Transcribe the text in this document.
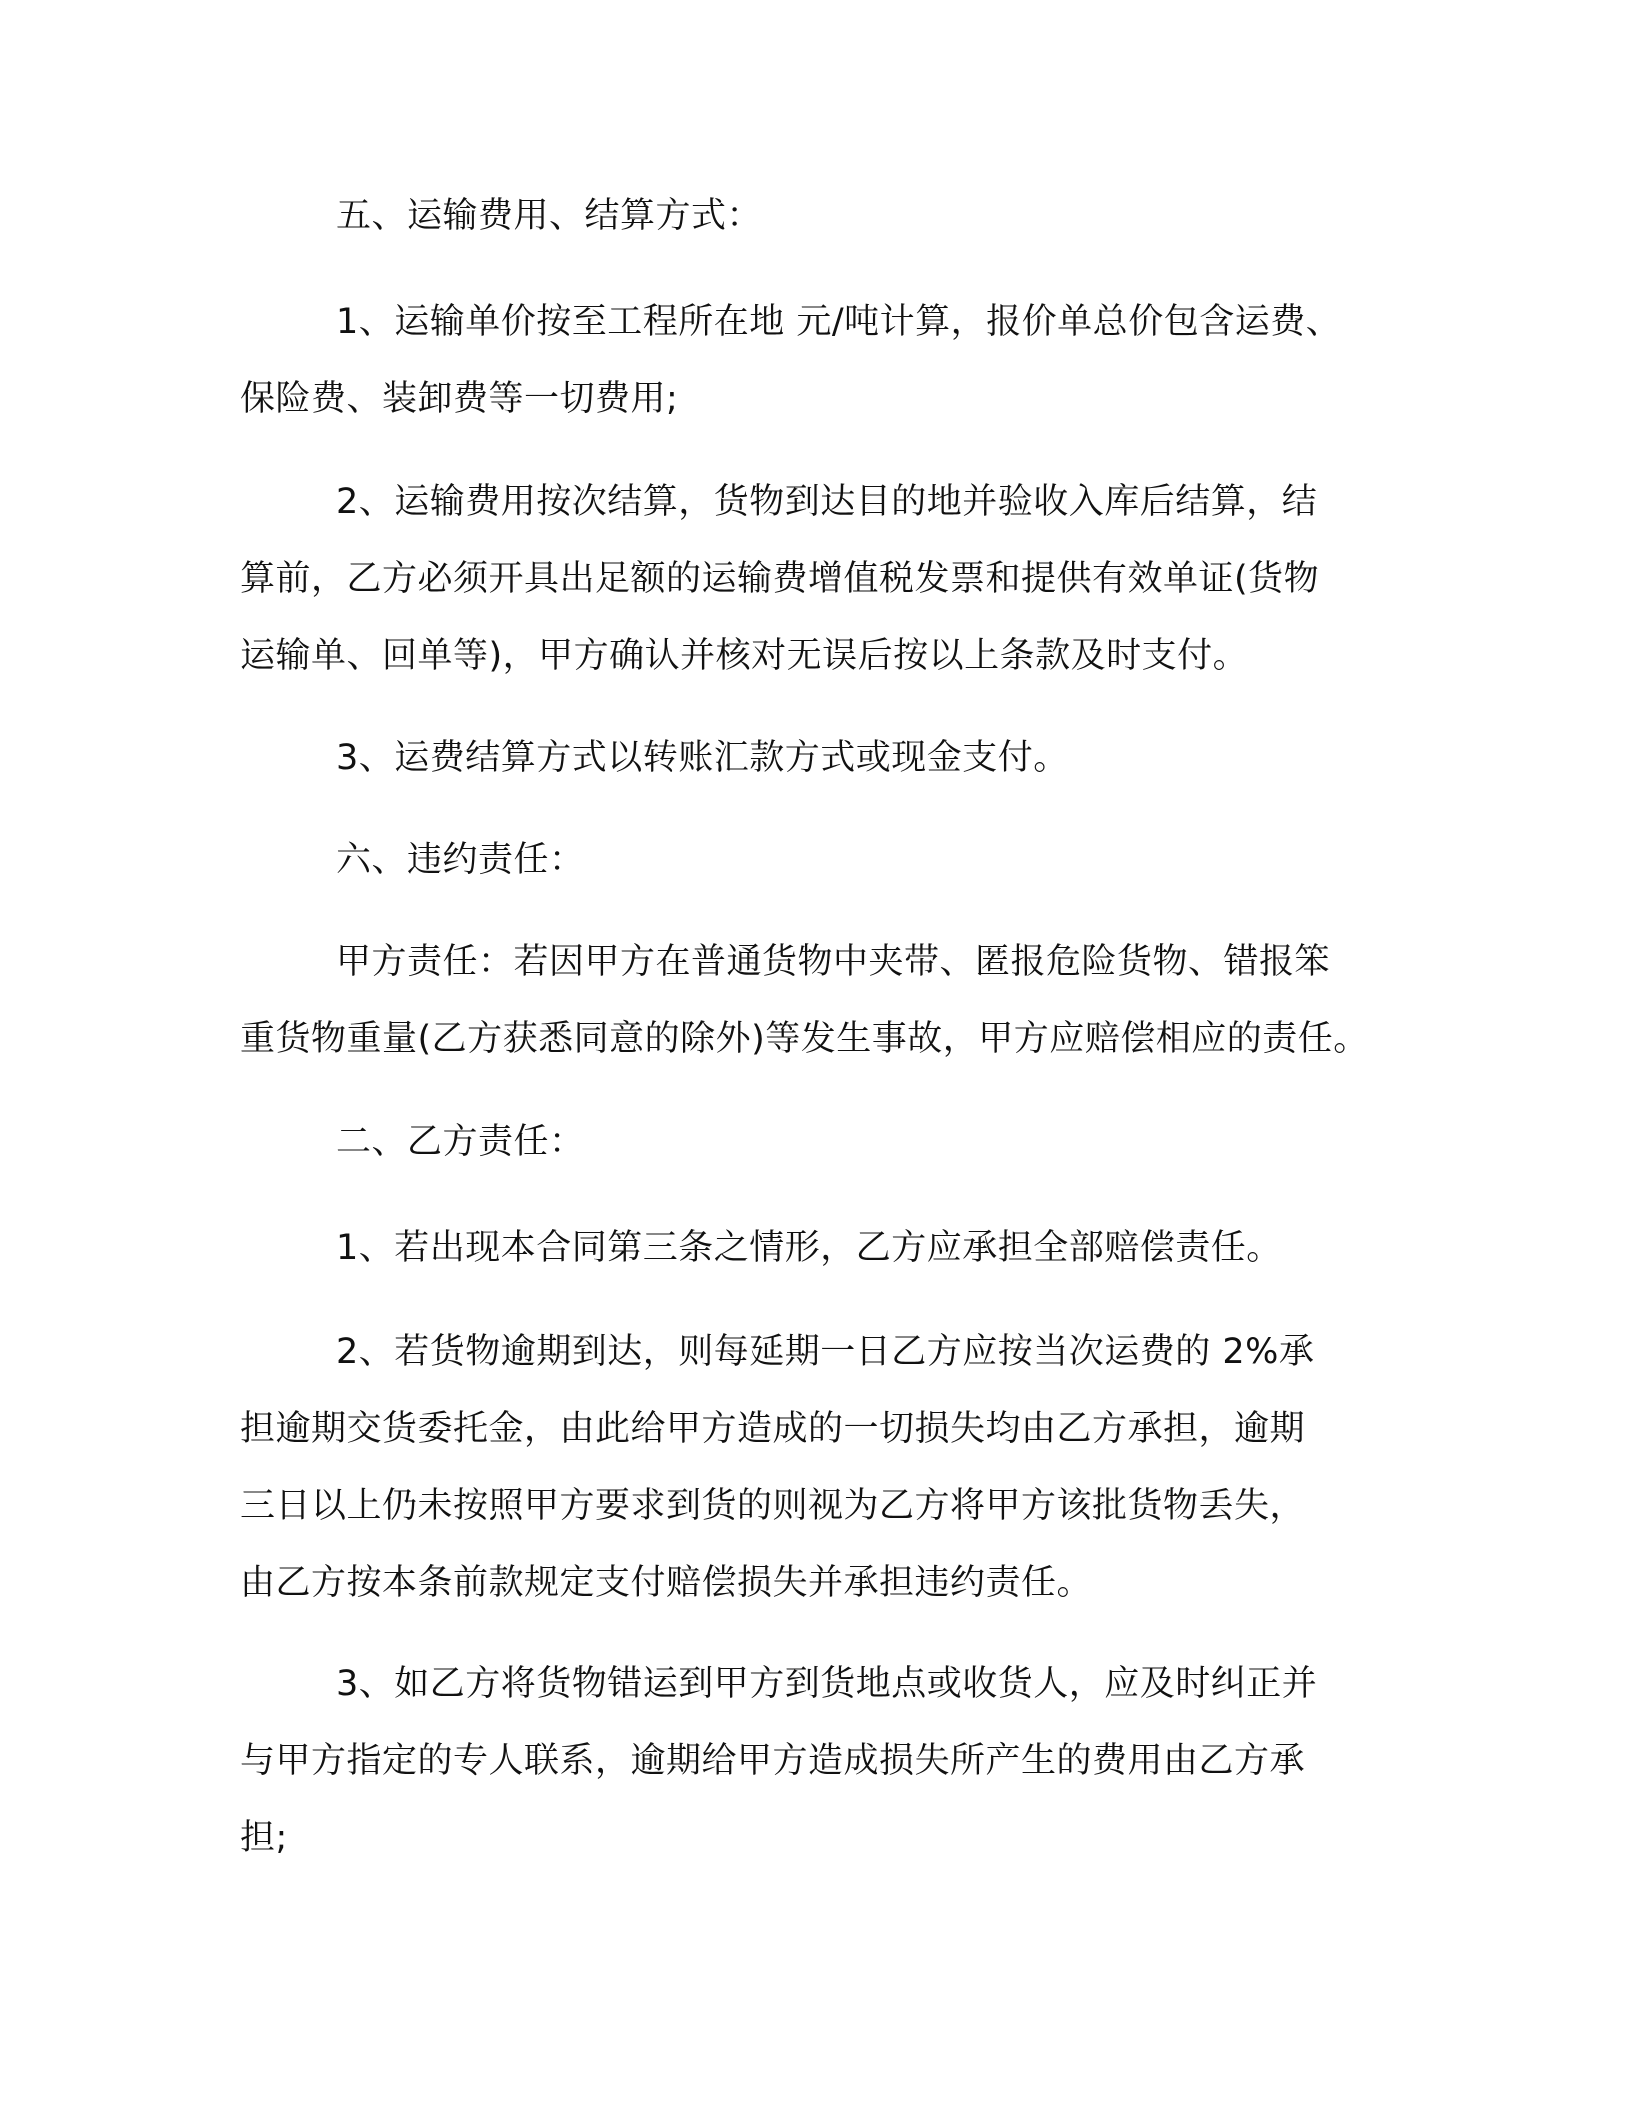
五、运输费用、结算方式：

1、运输单价按至工程所在地 元/吨计算，报价单总价包含运费、
保险费、装卸费等一切费用;

2、运输费用按次结算，货物到达目的地并验收入库后结算，结
算前，乙方必须开具出足额的运输费增值税发票和提供有效单证(货物
运输单、回单等)，甲方确认并核对无误后按以上条款及时支付。

3、运费结算方式以转账汇款方式或现金支付。

六、违约责任：

甲方责任：若因甲方在普通货物中夹带、匿报危险货物、错报笨
重货物重量(乙方获悉同意的除外)等发生事故，甲方应赔偿相应的责任。

二、乙方责任：

1、若出现本合同第三条之情形，乙方应承担全部赔偿责任。

2、若货物逾期到达，则每延期一日乙方应按当次运费的 2%承
担逾期交货委托金，由此给甲方造成的一切损失均由乙方承担，逾期
三日以上仍未按照甲方要求到货的则视为乙方将甲方该批货物丢失，
由乙方按本条前款规定支付赔偿损失并承担违约责任。

3、如乙方将货物错运到甲方到货地点或收货人，应及时纠正并
与甲方指定的专人联系，逾期给甲方造成损失所产生的费用由乙方承
担;
